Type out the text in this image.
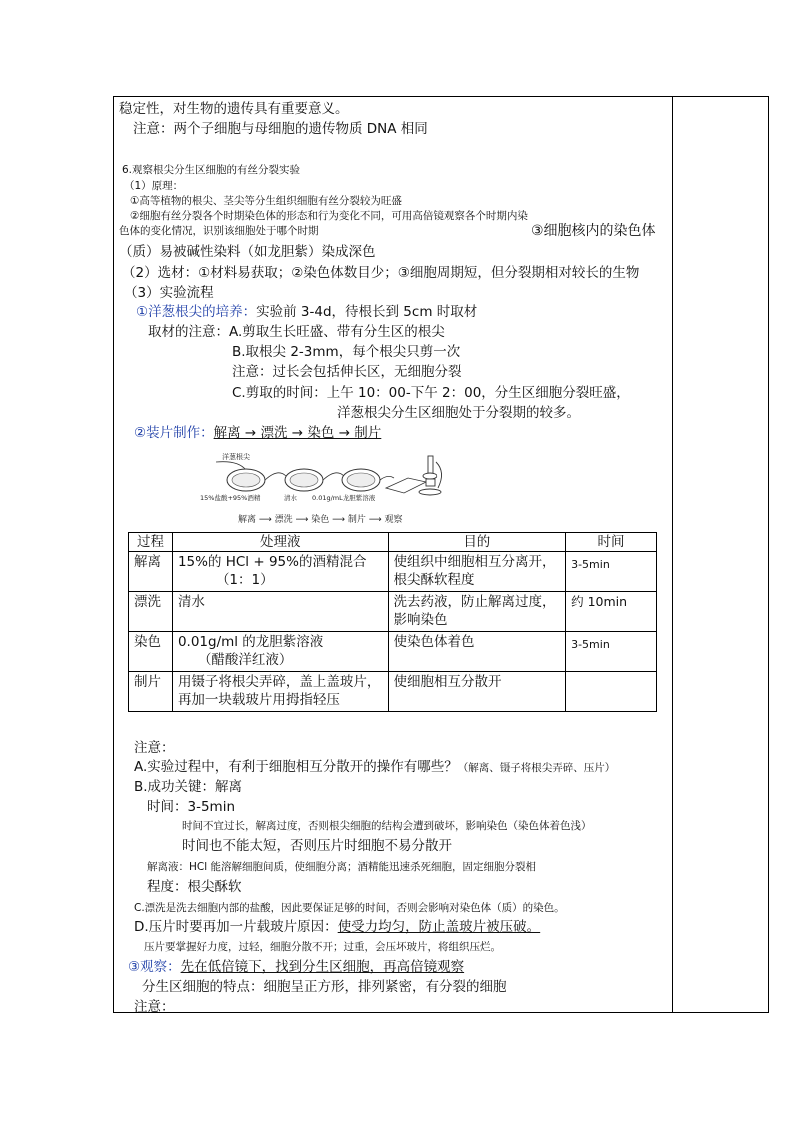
稳定性，对生物的遗传具有重要意义。
注意：两个子细胞与母细胞的遗传物质 DNA 相同
6.观察根尖分生区细胞的有丝分裂实验
（1）原理：
①高等植物的根尖、茎尖等分生组织细胞有丝分裂较为旺盛
②细胞有丝分裂各个时期染色体的形态和行为变化不同，可用高倍镜观察各个时期内染
色体的变化情况，识别该细胞处于哪个时期	③细胞核内的染色体
（质）易被碱性染料（如龙胆紫）染成深色
（2）选材：①材料易获取；②染色体数目少；③细胞周期短，但分裂期相对较长的生物
（3）实验流程
①洋葱根尖的培养：实验前 3-4d，待根长到 5cm 时取材
取材的注意：A.剪取生长旺盛、带有分生区的根尖
B.取根尖 2-3mm，每个根尖只剪一次
注意：过长会包括伸长区，无细胞分裂
C.剪取的时间：上午 10：00-下午 2：00，分生区细胞分裂旺盛，
洋葱根尖分生区细胞处于分裂期的较多。
②装片制作：解离 → 漂洗 → 染色 → 制片
洋葱根尖
15%盐酸+95%酒精	清水 0.01g/mL龙胆紫溶液
解离 ⟶ 漂洗 ⟶ 染色 ⟶ 制片 ⟶ 观察
过程	处理液	目的	时间
解离	15%的 HCl + 95%的酒精混合
（1：1）	使组织中细胞相互分离开，根尖酥软程度	3-5min
漂洗	清水	洗去药液，防止解离过度，影响染色	约 10min
染色	0.01g/ml 的龙胆紫溶液
（醋酸洋红液）	使染色体着色	3-5min
制片	用镊子将根尖弄碎，盖上盖玻片，再加一块载玻片用拇指轻压	使细胞相互分散开	
注意：
A.实验过程中，有利于细胞相互分散开的操作有哪些？（解离、镊子将根尖弄碎、压片）
B.成功关键：解离
时间：3-5min
时间不宜过长，解离过度，否则根尖细胞的结构会遭到破坏，影响染色（染色体着色浅）
时间也不能太短，否则压片时细胞不易分散开
解离液：HCl 能溶解细胞间质，使细胞分离；酒精能迅速杀死细胞，固定细胞分裂相
程度：根尖酥软
C.漂洗是洗去细胞内部的盐酸，因此要保证足够的时间，否则会影响对染色体（质）的染色。
D.压片时要再加一片载玻片原因：使受力均匀，防止盖玻片被压破。
压片要掌握好力度，过轻，细胞分散不开；过重，会压坏玻片，将组织压烂。
③观察：先在低倍镜下，找到分生区细胞，再高倍镜观察
分生区细胞的特点：细胞呈正方形，排列紧密，有分裂的细胞
注意：
